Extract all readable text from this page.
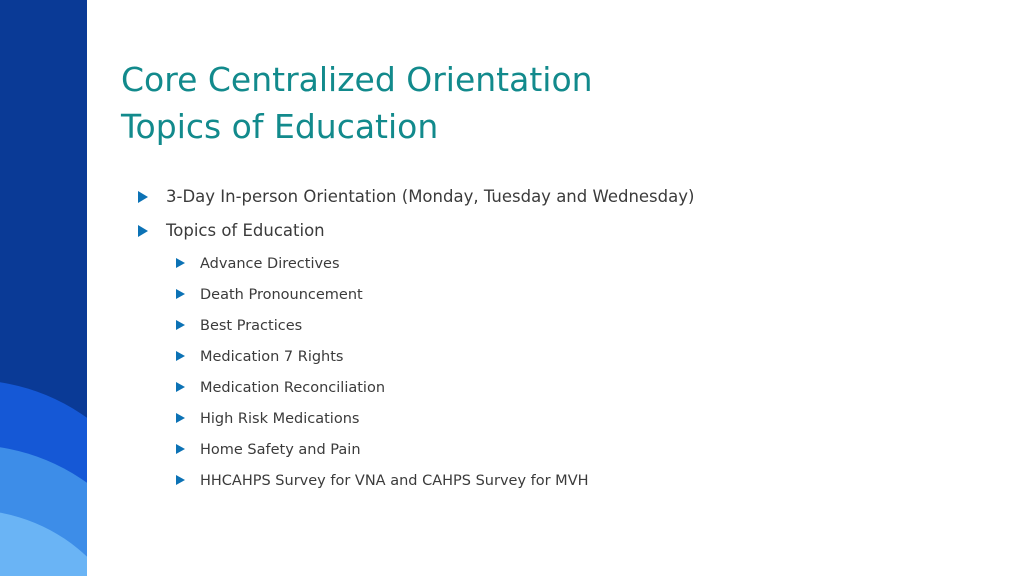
Core Centralized Orientation
Topics of Education
3-Day In-person Orientation (Monday, Tuesday and Wednesday)
Topics of Education
Advance Directives
Death Pronouncement
Best Practices
Medication 7 Rights
Medication Reconciliation
High Risk Medications
Home Safety and Pain
HHCAHPS Survey for VNA and CAHPS Survey for MVH
